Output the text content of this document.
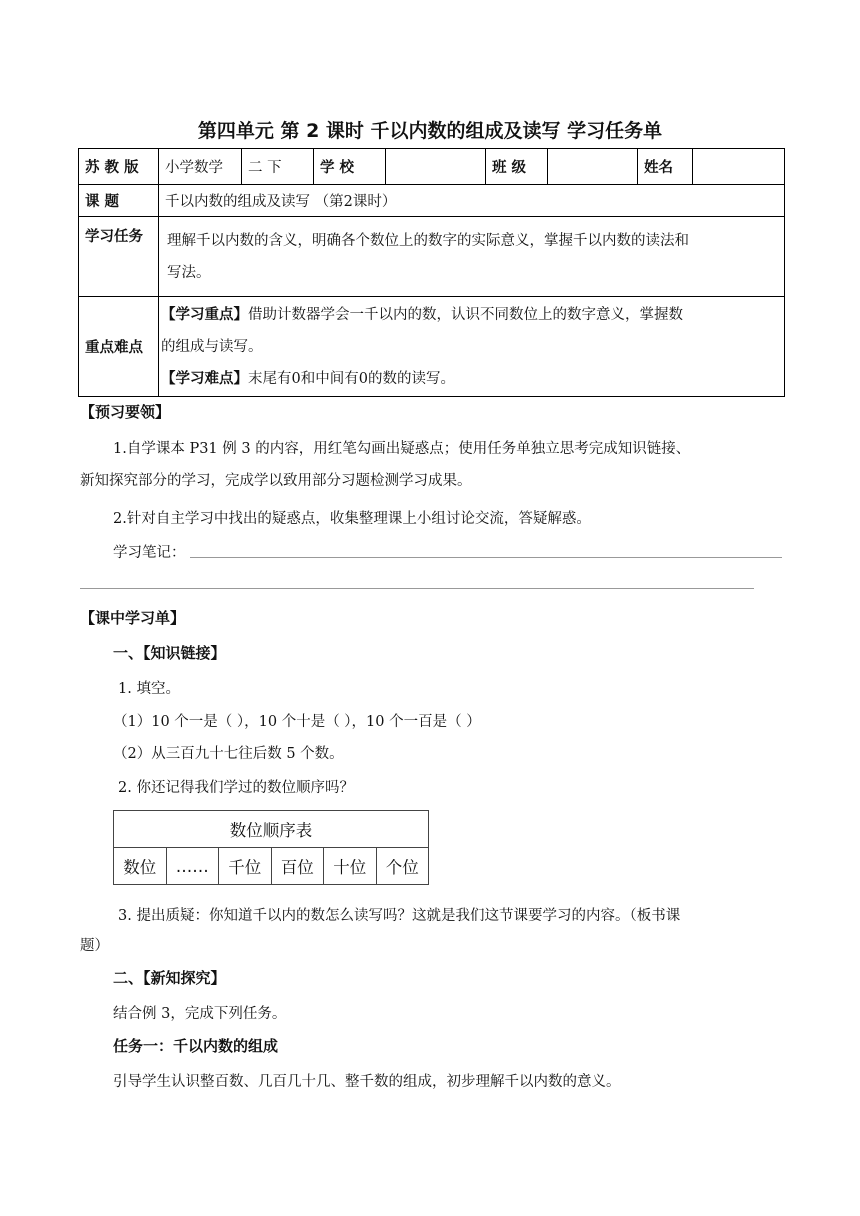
第四单元 第 2 课时 千以内数的组成及读写 学习任务单
苏 教 版	小学数学	二 下	学 校		班 级		姓名	
课 题	千以内数的组成及读写 （第2课时）							
学习任务	理解千以内数的含义，明确各个数位上的数字的实际意义，掌握千以内数的读法和
写法。							

重点难点	【学习重点】借助计数器学会一千以内的数，认识不同数位上的数字意义，掌握数
的组成与读写。
【学习难点】末尾有0和中间有0的数的读写。							
【预习要领】
1.自学课本 P31 例 3 的内容，用红笔勾画出疑惑点；使用任务单独立思考完成知识链接、
新知探究部分的学习，完成学以致用部分习题检测学习成果。
2.针对自主学习中找出的疑惑点，收集整理课上小组讨论交流，答疑解惑。
学习笔记：
【课中学习单】
一、【知识链接】
1. 填空。
（1）10 个一是（ ），10 个十是（ ），10 个一百是（ ）
（2）从三百九十七往后数 5 个数。
2. 你还记得我们学过的数位顺序吗？
数位顺序表
数位	……	千位	百位	十位	个位
3. 提出质疑：你知道千以内的数怎么读写吗？这就是我们这节课要学习的内容。（板书课
题）
二、【新知探究】
结合例 3，完成下列任务。
任务一：千以内数的组成
引导学生认识整百数、几百几十几、整千数的组成，初步理解千以内数的意义。
